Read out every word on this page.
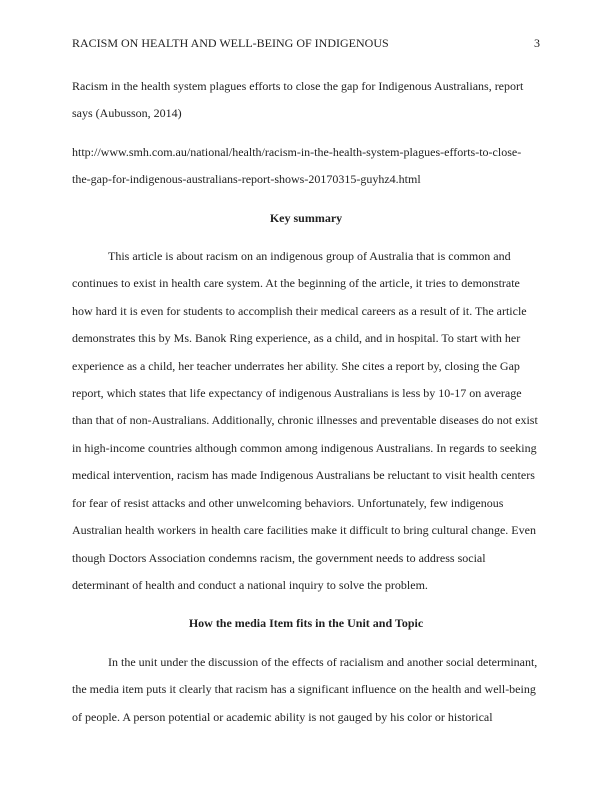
RACISM ON HEALTH AND WELL-BEING OF INDIGENOUS	3
Racism in the health system plagues efforts to close the gap for Indigenous Australians, report
says (Aubusson, 2014)
http://www.smh.com.au/national/health/racism-in-the-health-system-plagues-efforts-to-close-
the-gap-for-indigenous-australians-report-shows-20170315-guyhz4.html
Key summary
This article is about racism on an indigenous group of Australia that is common and
continues to exist in health care system. At the beginning of the article, it tries to demonstrate
how hard it is even for students to accomplish their medical careers as a result of it. The article
demonstrates this by Ms. Banok Ring experience, as a child, and in hospital. To start with her
experience as a child, her teacher underrates her ability. She cites a report by, closing the Gap
report, which states that life expectancy of indigenous Australians is less by 10-17 on average
than that of non-Australians. Additionally, chronic illnesses and preventable diseases do not exist
in high-income countries although common among indigenous Australians. In regards to seeking
medical intervention, racism has made Indigenous Australians be reluctant to visit health centers
for fear of resist attacks and other unwelcoming behaviors. Unfortunately, few indigenous
Australian health workers in health care facilities make it difficult to bring cultural change. Even
though Doctors Association condemns racism, the government needs to address social
determinant of health and conduct a national inquiry to solve the problem.
How the media Item fits in the Unit and Topic
In the unit under the discussion of the effects of racialism and another social determinant,
the media item puts it clearly that racism has a significant influence on the health and well-being
of people. A person potential or academic ability is not gauged by his color or historical
